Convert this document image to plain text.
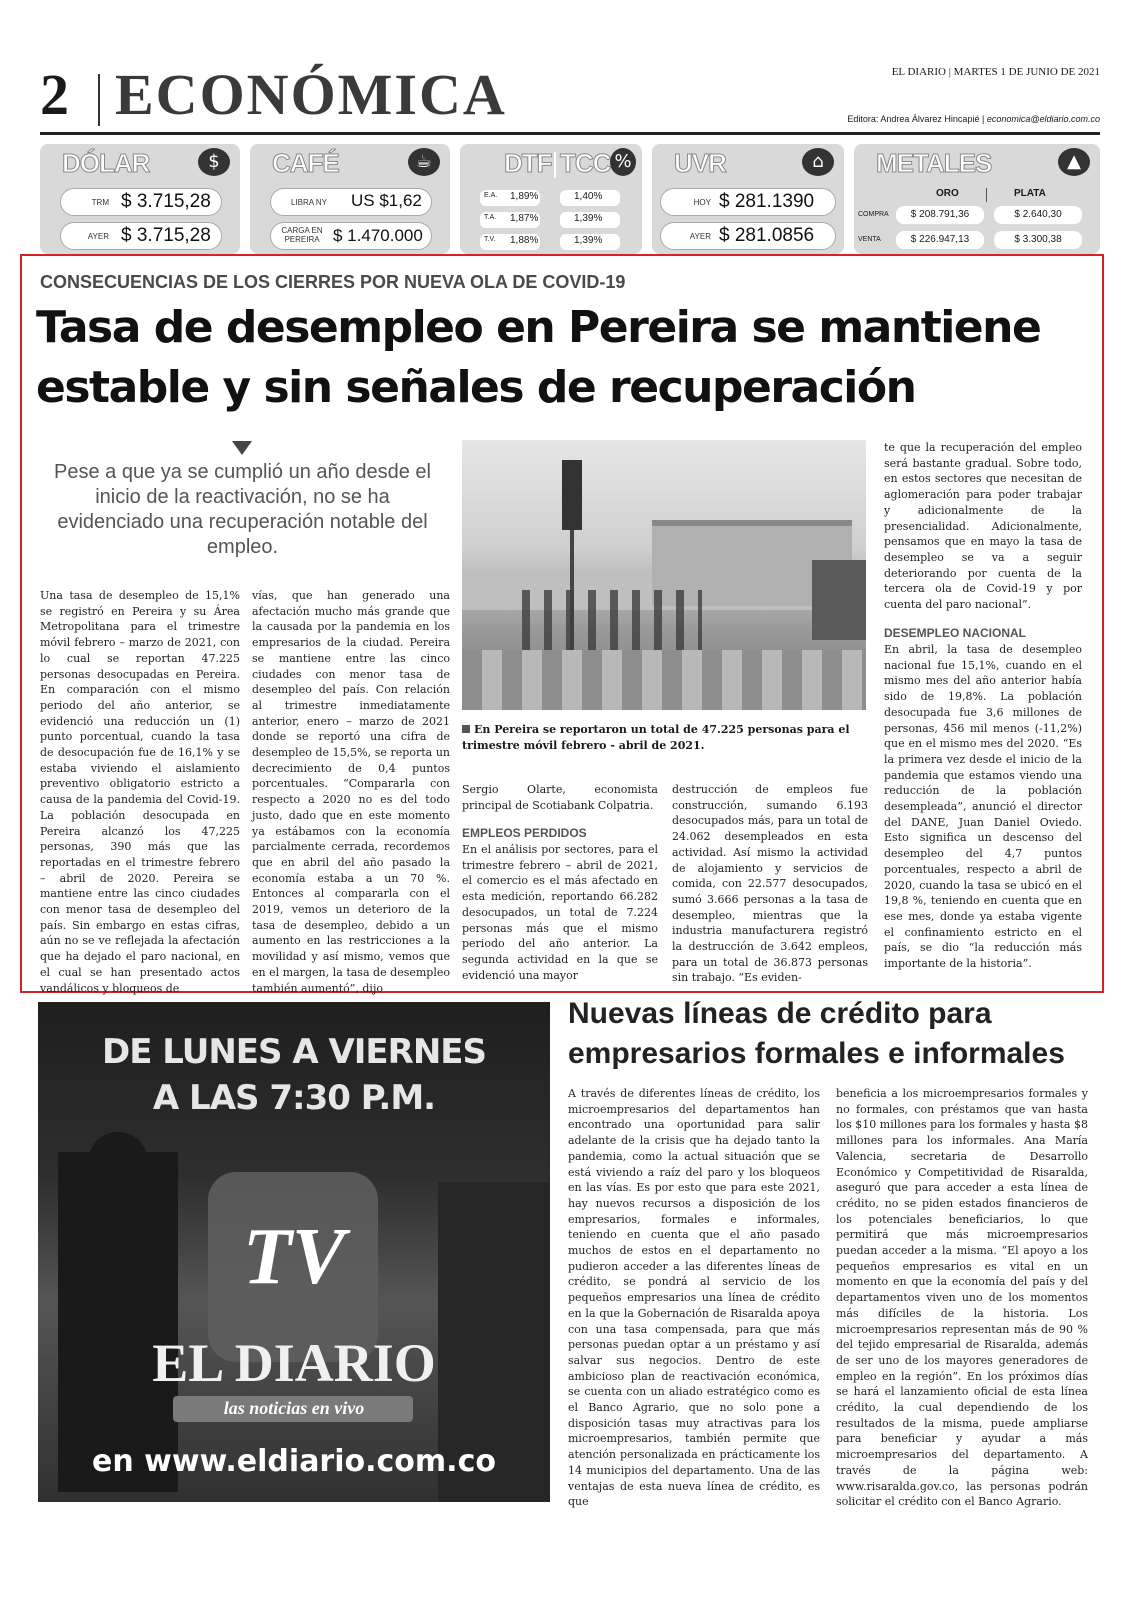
2 ECONÓMICA	EL DIARIO | MARTES 1 DE JUNIO DE 2021
Editora: Andrea Álvarez Hincapié | economica@eldiario.com.co
DÓLAR	$
TRM $ 3.715,28
AYER $ 3.715,28
CAFÉ	☕
LIBRA NY US $1,62
CARGA EN PEREIRA $ 1.470.000
DTF TCC %
E.A. 1,89%	1,40%
T.A. 1,87%	1,39%
T.V. 1,88%	1,39%
UVR	⌂
HOY $ 281.1390
AYER $ 281.0856
METALES	▲
ORO	PLATA
COMPRA	$ 208.791,36	$ 2.640,30
VENTA	$ 226.947,13	$ 3.300,38
CONSECUENCIAS DE LOS CIERRES POR NUEVA OLA DE COVID-19
Tasa de desempleo en Pereira se mantiene estable y sin señales de recuperación
Pese a que ya se cumplió un año desde el inicio de la reactivación, no se ha evidenciado una recuperación notable del empleo.
Una tasa de desempleo de 15,1% se registró en Pereira y su Área Metropolitana para el trimestre móvil febrero – marzo de 2021, con lo cual se reportan 47.225 personas desocupadas en Pereira. En comparación con el mismo periodo del año anterior, se evidenció una reducción un (1) punto porcentual, cuando la tasa de desocupación fue de 16,1% y se estaba viviendo el aislamiento preventivo obligatorio estricto a causa de la pandemia del Covid-19. La población desocupada en Pereira alcanzó los 47,225 personas, 390 más que las reportadas en el trimestre febrero – abril de 2020. Pereira se mantiene entre las cinco ciudades con menor tasa de desempleo del país. Sin embargo en estas cifras, aún no se ve reflejada la afectación que ha dejado el paro nacional, en el cual se han presentado actos vandálicos y bloqueos de
vías, que han generado una afectación mucho más grande que la causada por la pandemia en los empresarios de la ciudad. Pereira se mantiene entre las cinco ciudades con menor tasa de desempleo del país. Con relación al trimestre inmediatamente anterior, enero – marzo de 2021 donde se reportó una cifra de desempleo de 15,5%, se reporta un decrecimiento de 0,4 puntos porcentuales. “Compararla con respecto a 2020 no es del todo justo, dado que en este momento ya estábamos con la economía parcialmente cerrada, recordemos que en abril del año pasado la economía estaba a un 70 %. Entonces al compararla con el 2019, vemos un deterioro de la tasa de desempleo, debido a un aumento en las restricciones a la movilidad y así mismo, vemos que en el margen, la tasa de desempleo también aumentó”, dijo
En Pereira se reportaron un total de 47.225 personas para el trimestre móvil febrero - abril de 2021.
Sergio Olarte, economista principal de Scotiabank Colpatria.
EMPLEOS PERDIDOS
En el análisis por sectores, para el trimestre febrero – abril de 2021, el comercio es el más afectado en esta medición, reportando 66.282 desocupados, un total de 7.224 personas más que el mismo periodo del año anterior. La segunda actividad en la que se evidenció una mayor
destrucción de empleos fue construcción, sumando 6.193 desocupados más, para un total de 24.062 desempleados en esta actividad. Así mismo la actividad de alojamiento y servicios de comida, con 22.577 desocupados, sumó 3.666 personas a la tasa de desempleo, mientras que la industria manufacturera registró la destrucción de 3.642 empleos, para un total de 36.873 personas sin trabajo. “Es eviden-
te que la recuperación del empleo será bastante gradual. Sobre todo, en estos sectores que necesitan de aglomeración para poder trabajar y adicionalmente de la presencialidad. Adicionalmente, pensamos que en mayo la tasa de desempleo se va a seguir deteriorando por cuenta de la tercera ola de Covid-19 y por cuenta del paro nacional”.
DESEMPLEO NACIONAL
En abril, la tasa de desempleo nacional fue 15,1%, cuando en el mismo mes del año anterior había sido de 19,8%. La población desocupada fue 3,6 millones de personas, 456 mil menos (-11,2%) que en el mismo mes del 2020. “Es la primera vez desde el inicio de la pandemia que estamos viendo una reducción de la población desempleada”, anunció el director del DANE, Juan Daniel Oviedo. Esto significa un descenso del desempleo del 4,7 puntos porcentuales, respecto a abril de 2020, cuando la tasa se ubicó en el 19,8 %, teniendo en cuenta que en ese mes, donde ya estaba vigente el confinamiento estricto en el país, se dio “la reducción más importante de la historia”.
DE LUNES A VIERNES
A LAS 7:30 P.M.
TV
EL DIARIO
las noticias en vivo
en www.eldiario.com.co
Nuevas líneas de crédito para empresarios formales e informales
A través de diferentes líneas de crédito, los microempresarios del departamentos han encontrado una oportunidad para salir adelante de la crisis que ha dejado tanto la pandemia, como la actual situación que se está viviendo a raíz del paro y los bloqueos en las vías. Es por esto que para este 2021, hay nuevos recursos a disposición de los empresarios, formales e informales, teniendo en cuenta que el año pasado muchos de estos en el departamento no pudieron acceder a las diferentes líneas de crédito, se pondrá al servicio de los pequeños empresarios una línea de crédito en la que la Gobernación de Risaralda apoya con una tasa compensada, para que más personas puedan optar a un préstamo y así salvar sus negocios. Dentro de este ambicioso plan de reactivación económica, se cuenta con un aliado estratégico como es el Banco Agrario, que no solo pone a disposición tasas muy atractivas para los microempresarios, también permite que atención personalizada en prácticamente los 14 municipios del departamento. Una de las ventajas de esta nueva línea de crédito, es que
beneficia a los microempresarios formales y no formales, con préstamos que van hasta los $10 millones para los formales y hasta $8 millones para los informales. Ana María Valencia, secretaria de Desarrollo Económico y Competitividad de Risaralda, aseguró que para acceder a esta línea de crédito, no se piden estados financieros de los potenciales beneficiarios, lo que permitirá que más microempresarios puedan acceder a la misma. “El apoyo a los pequeños empresarios es vital en un momento en que la economía del país y del departamentos viven uno de los momentos más difíciles de la historia. Los microempresarios representan más de 90 % del tejido empresarial de Risaralda, además de ser uno de los mayores generadores de empleo en la región”. En los próximos días se hará el lanzamiento oficial de esta línea crédito, la cual dependiendo de los resultados de la misma, puede ampliarse para beneficiar y ayudar a más microempresarios del departamento. A través de la página web: www.risaralda.gov.co, las personas podrán solicitar el crédito con el Banco Agrario.
